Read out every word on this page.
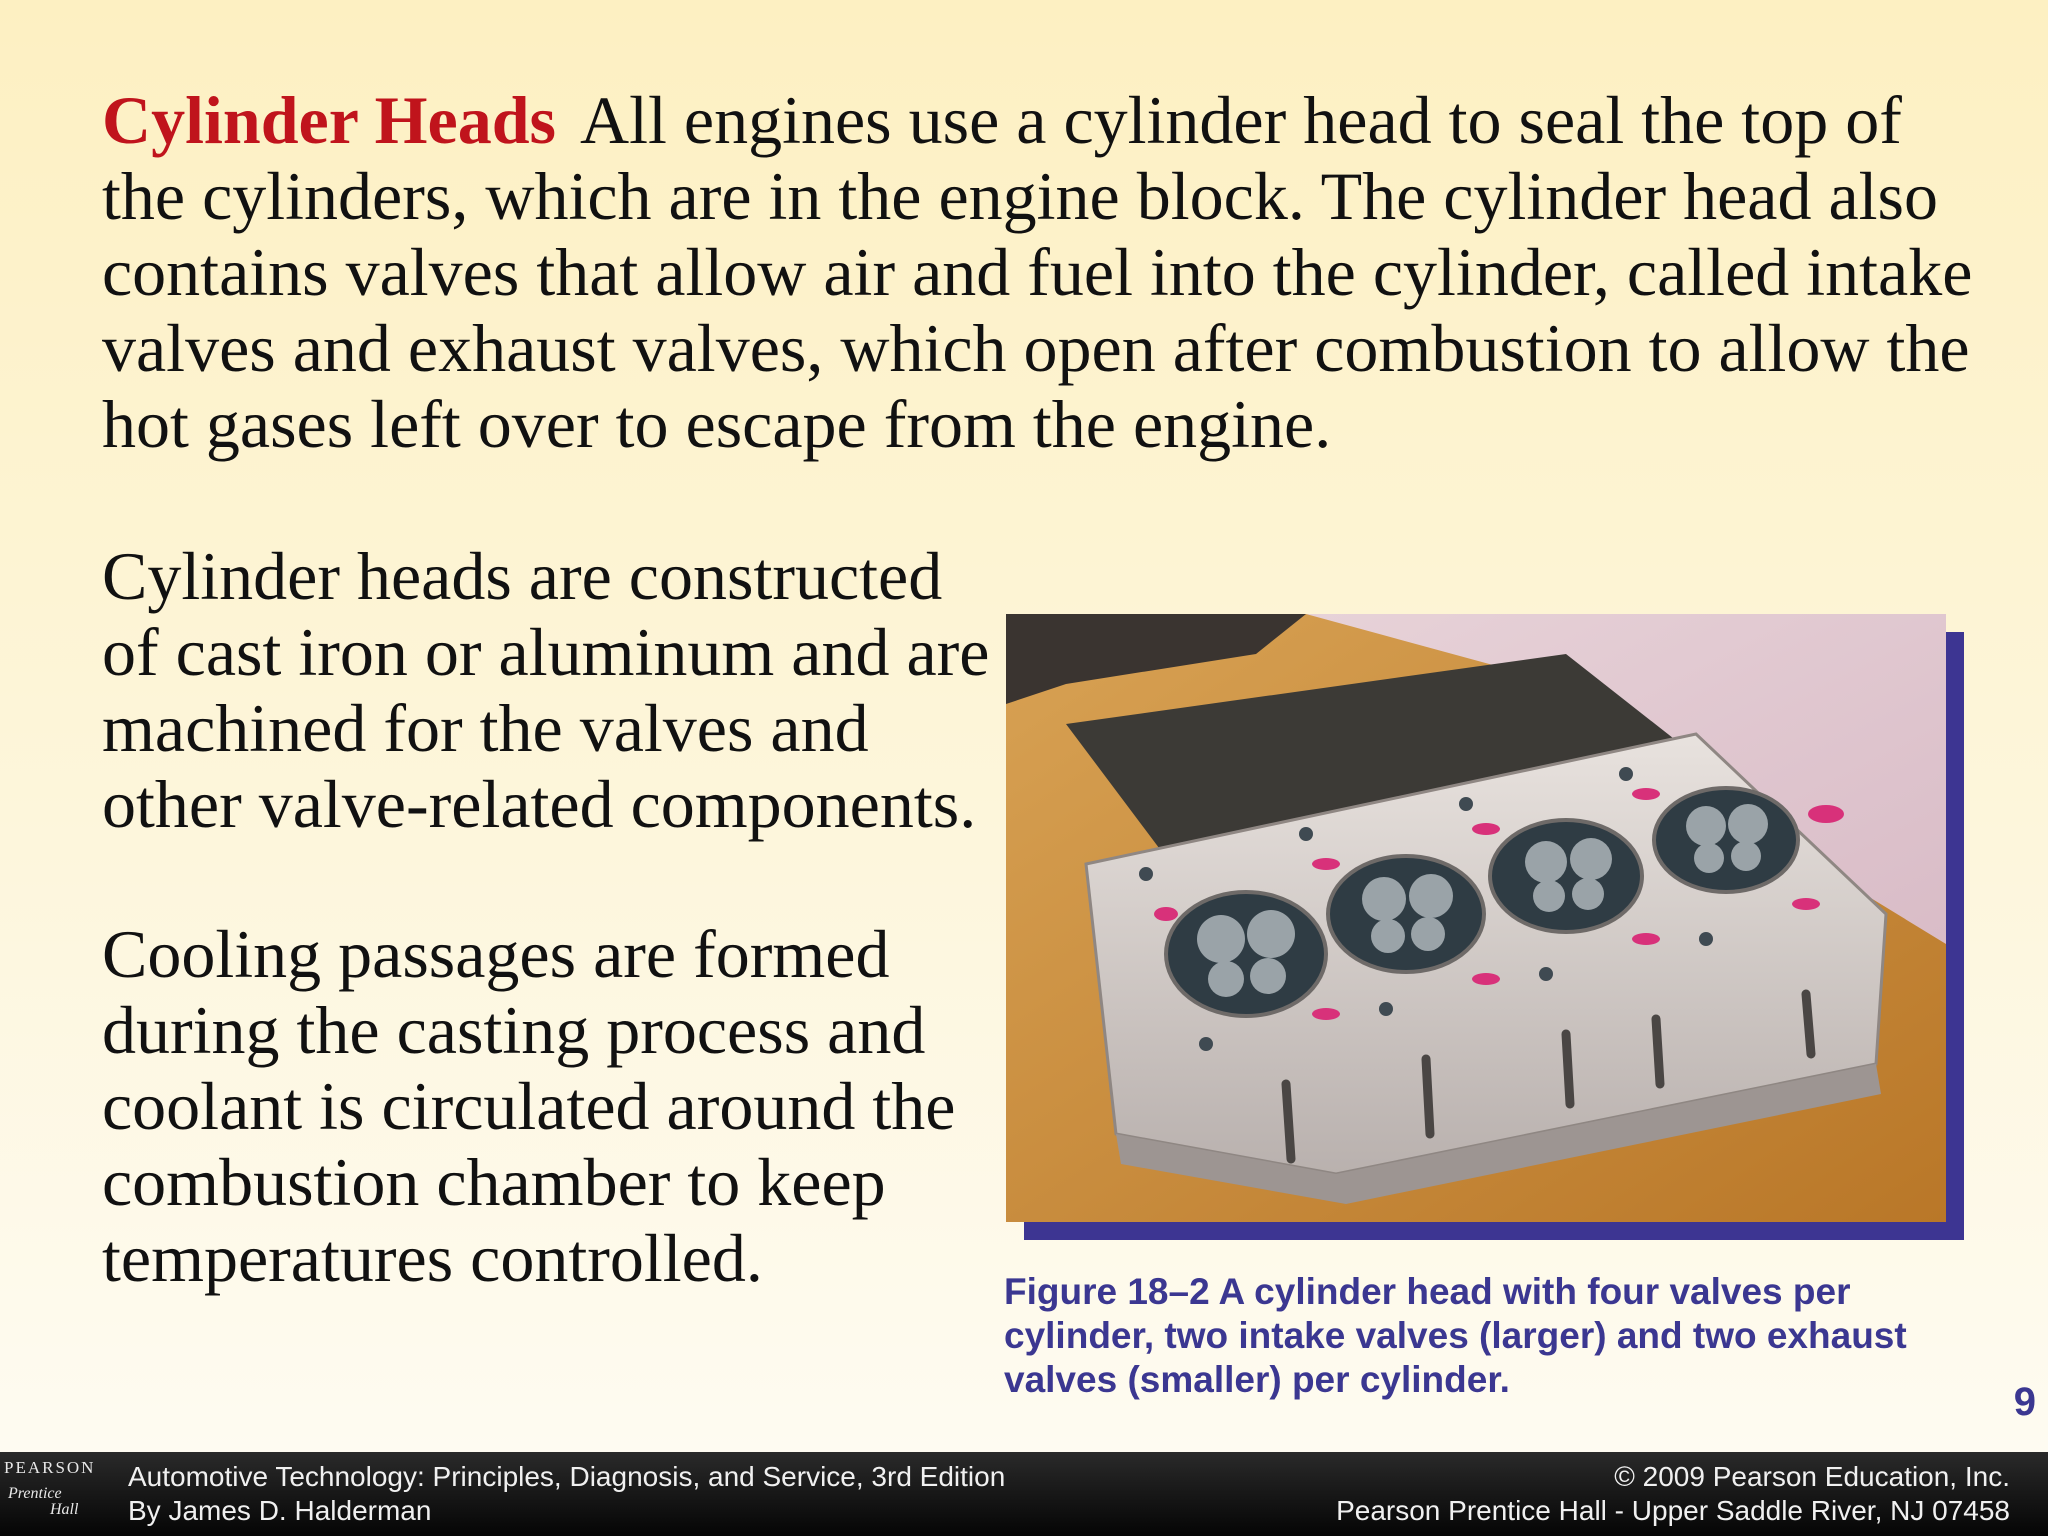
Cylinder Heads All engines use a cylinder head to seal the top of the cylinders, which are in the engine block. The cylinder head also contains valves that allow air and fuel into the cylinder, called intake valves and exhaust valves, which open after combustion to allow the hot gases left over to escape from the engine.

Cylinder heads are constructed of cast iron or aluminum and are machined for the valves and other valve-related components.

Cooling passages are formed during the casting process and coolant is circulated around the combustion chamber to keep temperatures controlled.	Figure 18–2 A cylinder head with four valves per cylinder, two intake valves (larger) and two exhaust valves (smaller) per cylinder.

9
PEARSON
Prentice
Hall
Automotive Technology: Principles, Diagnosis, and Service, 3rd Edition
By James D. Halderman
© 2009 Pearson Education, Inc.
Pearson Prentice Hall - Upper Saddle River, NJ 07458
